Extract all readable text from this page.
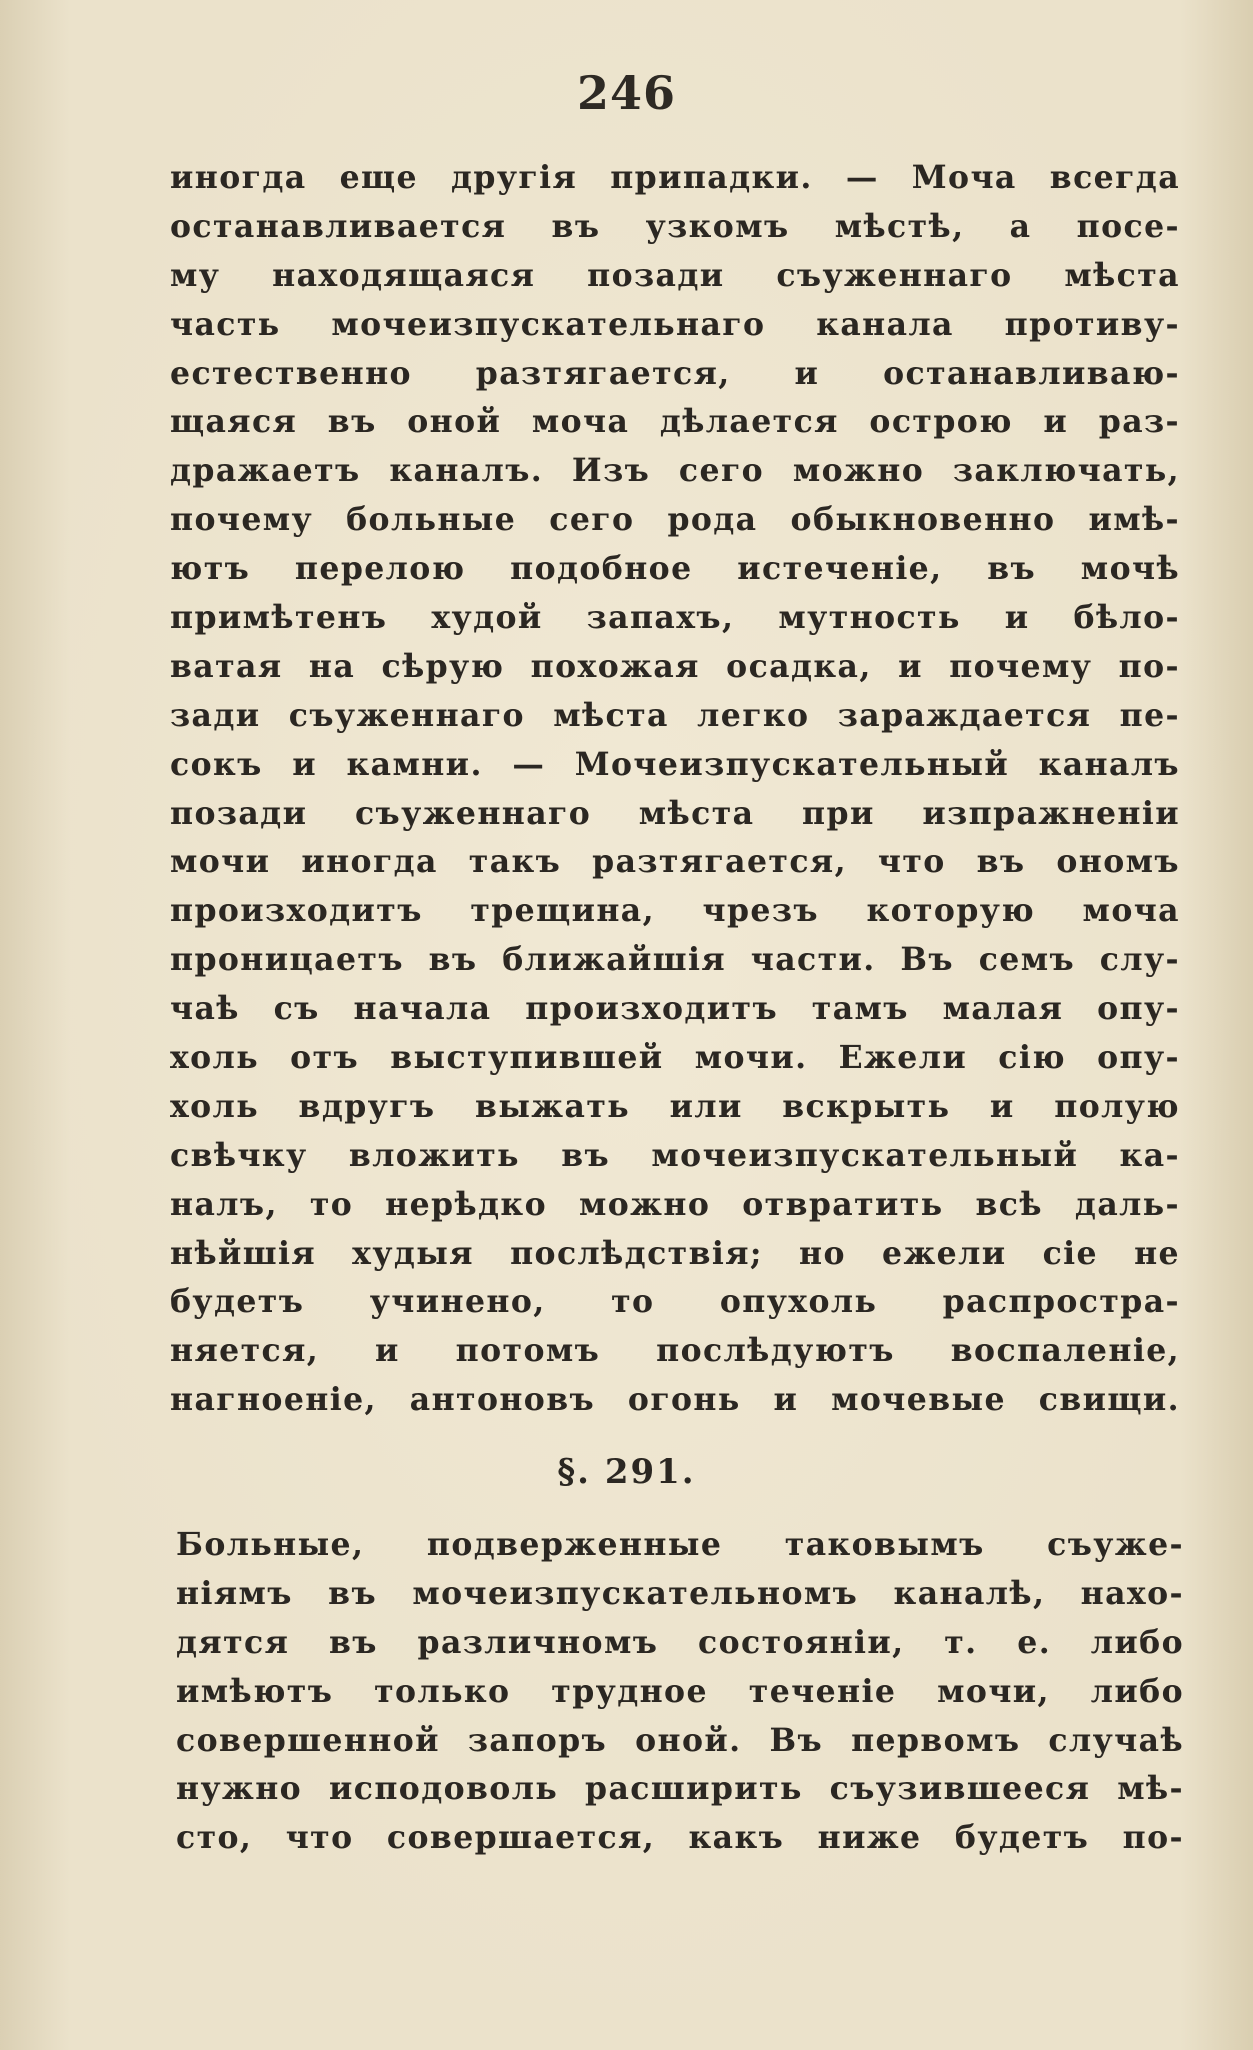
246
иногда еще другія припадки. — Моча всегда
останавливается въ узкомъ мѣстѣ, а посе-
му находящаяся позади съуженнаго мѣста
часть мочеизпускательнаго канала противу-
естественно разтягается, и останавливаю-
щаяся въ оной моча дѣлается острою и раз-
дражаетъ каналъ. Изъ сего можно заключать,
почему больные сего рода обыкновенно имѣ-
ютъ перелою подобное истеченіе, въ мочѣ
примѣтенъ худой запахъ, мутность и бѣло-
ватая на сѣрую похожая осадка, и почему по-
зади съуженнаго мѣста легко зараждается пе-
сокъ и камни. — Мочеизпускательный каналъ
позади съуженнаго мѣста при изпражненіи
мочи иногда такъ разтягается, что въ ономъ
произходитъ трещина, чрезъ которую моча
проницаетъ въ ближайшія части. Въ семъ слу-
чаѣ съ начала произходитъ тамъ малая опу-
холь отъ выступившей мочи. Ежели сію опу-
холь вдругъ выжать или вскрыть и полую
свѣчку вложить въ мочеизпускательный ка-
налъ, то нерѣдко можно отвратить всѣ даль-
нѣйшія худыя послѣдствія; но ежели сіе не
будетъ учинено, то опухоль распростра-
няется, и потомъ послѣдуютъ воспаленіе,
нагноеніе, антоновъ огонь и мочевые свищи.
§. 291.
Больные, подверженные таковымъ съуже-
ніямъ въ мочеизпускательномъ каналѣ, нахо-
дятся въ различномъ состояніи, т. е. либо
имѣютъ только трудное теченіе мочи, либо
совершенной запоръ оной. Въ первомъ случаѣ
нужно исподоволь расширить съузившееся мѣ-
сто, что совершается, какъ ниже будетъ по-
